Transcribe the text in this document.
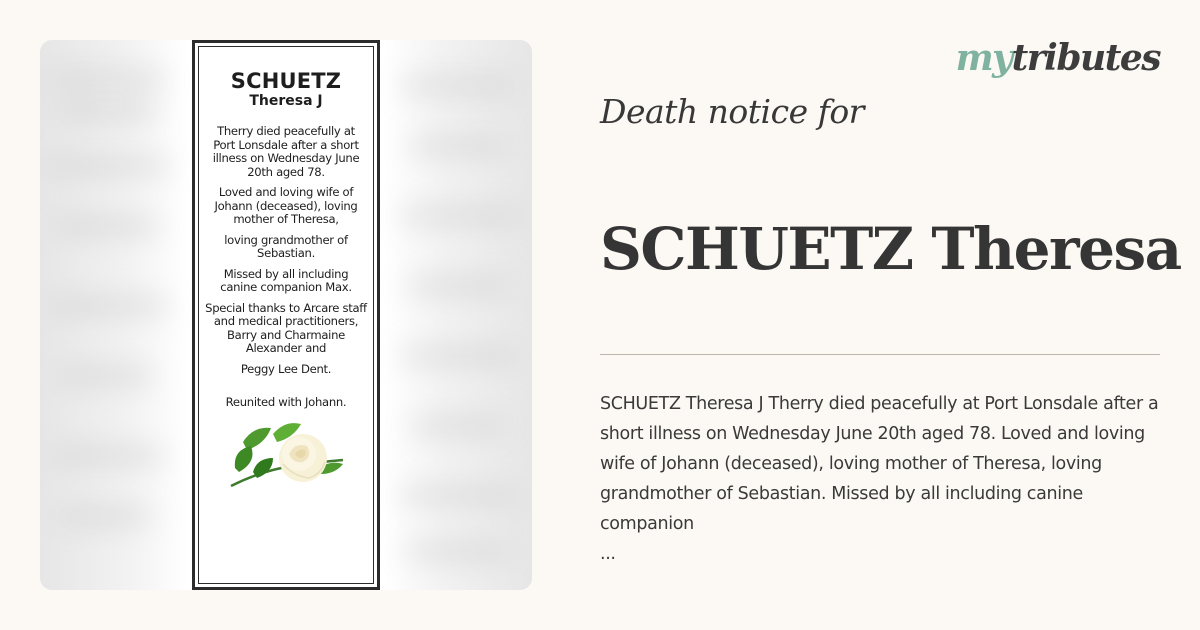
SCHUETZ
Theresa J

Therry died peacefully at Port Lonsdale after a short illness on Wednesday June 20th aged 78.

Loved and loving wife of Johann (deceased), loving mother of Theresa,

loving grandmother of Sebastian.

Missed by all including canine companion Max.

Special thanks to Arcare staff and medical practitioners, Barry and Charmaine Alexander and

Peggy Lee Dent.

Reunited with Johann.

mytributes
Death notice for
SCHUETZ Theresa
SCHUETZ Theresa J Therry died peacefully at Port Lonsdale after a short illness on Wednesday June 20th aged 78. Loved and loving wife of Johann (deceased), loving mother of Theresa, loving grandmother of Sebastian. Missed by all including canine companion
...
